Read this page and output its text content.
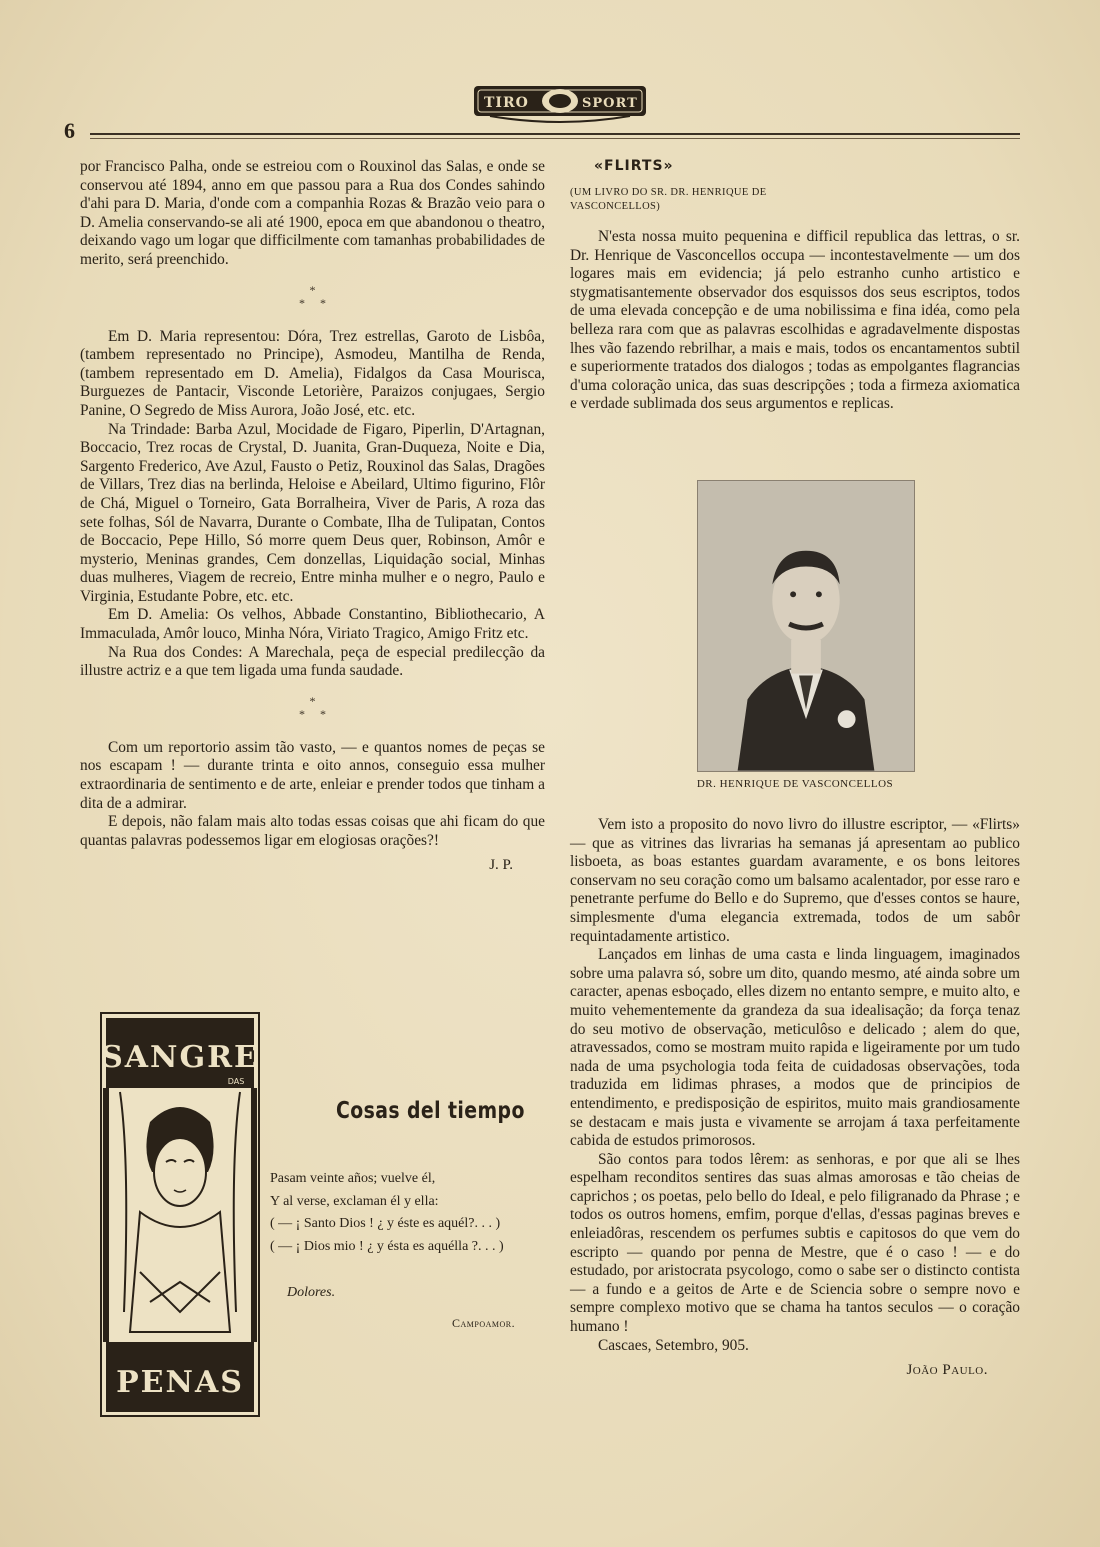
6
TIRO	SPORT

por Francisco Palha, onde se estreiou com o Rouxinol das Salas, e onde se conservou até 1894, anno em que passou para a Rua dos Condes sahindo d'ahi para D. Maria, d'onde com a companhia Rozas & Brazão veio para o D. Amelia conservando-se ali até 1900, epoca em que abandonou o theatro, deixando vago um logar que difficilmente com tamanhas probabilidades de merito, será preenchido.

*
*     *

Em D. Maria representou: Dóra, Trez estrellas, Garoto de Lisbôa, (tambem representado no Principe), Asmodeu, Mantilha de Renda, (tambem representado em D. Amelia), Fidalgos da Casa Mourisca, Burguezes de Pantacir, Visconde Letorière, Paraizos conjugaes, Sergio Panine, O Segredo de Miss Aurora, João José, etc. etc.

Na Trindade: Barba Azul, Mocidade de Figaro, Piperlin, D'Artagnan, Boccacio, Trez rocas de Crystal, D. Juanita, Gran-Duqueza, Noite e Dia, Sargento Frederico, Ave Azul, Fausto o Petiz, Rouxinol das Salas, Dragões de Villars, Trez dias na berlinda, Heloise e Abeilard, Ultimo figurino, Flôr de Chá, Miguel o Torneiro, Gata Borralheira, Viver de Paris, A roza das sete folhas, Sól de Navarra, Durante o Combate, Ilha de Tulipatan, Contos de Boccacio, Pepe Hillo, Só morre quem Deus quer, Robinson, Amôr e mysterio, Meninas grandes, Cem donzellas, Liquidação social, Minhas duas mulheres, Viagem de recreio, Entre minha mulher e o negro, Paulo e Virginia, Estudante Pobre, etc. etc.

Em D. Amelia: Os velhos, Abbade Constantino, Bibliothecario, A Immaculada, Amôr louco, Minha Nóra, Viriato Tragico, Amigo Fritz etc.

Na Rua dos Condes: A Marechala, peça de especial predilecção da illustre actriz e a que tem ligada uma funda saudade.

*
*     *

Com um reportorio assim tão vasto, — e quantos nomes de peças se nos escapam ! — durante trinta e oito annos, conseguio essa mulher extraordinaria de sentimento e de arte, enleiar e prender todos que tinham a dita de a admirar.

E depois, não falam mais alto todas essas coisas que ahi ficam do que quantas palavras podessemos ligar em elogiosas orações?!

J. P.
SANGRE
DAS
PENAS
Cosas del tiempo
Pasam veinte años; vuelve él,
Y al verse, exclaman él y ella:
( — ¡ Santo Dios ! ¿ y éste es aquél?. . . )
( — ¡ Dios mio ! ¿ y ésta es aquélla ?. . . )
Dolores.
Campoamor.
«FLIRTS»
(UM LIVRO DO SR. DR. HENRIQUE DE VASCONCELLOS)

N'esta nossa muito pequenina e difficil republica das lettras, o sr. Dr. Henrique de Vasconcellos occupa — incontestavelmente — um dos logares mais em evidencia; já pelo estranho cunho artistico e stygmatisantemente observador dos esquissos dos seus escriptos, todos de uma elevada concepção e de uma nobilissima e fina idéa, como pela belleza rara com que as palavras escolhidas e agradavelmente dispostas lhes vão fazendo rebrilhar, a mais e mais, todos os encantamentos subtil e superiormente tratados dos dialogos ; todas as empolgantes flagrancias d'uma coloração unica, das suas descripções ; toda a firmeza axiomatica e verdade sublimada dos seus argumentos e replicas.

DR. HENRIQUE DE VASCONCELLOS

Vem isto a proposito do novo livro do illustre escriptor, — «Flirts» — que as vitrines das livrarias ha semanas já apresentam ao publico lisboeta, as boas estantes guardam avaramente, e os bons leitores conservam no seu coração como um balsamo acalentador, por esse raro e penetrante perfume do Bello e do Supremo, que d'esses contos se haure, simplesmente d'uma elegancia extremada, todos de um sabôr requintadamente artistico.

Lançados em linhas de uma casta e linda linguagem, imaginados sobre uma palavra só, sobre um dito, quando mesmo, até ainda sobre um caracter, apenas esboçado, elles dizem no entanto sempre, e muito alto, e muito vehementemente da grandeza da sua idealisação; da força tenaz do seu motivo de observação, meticulôso e delicado ; alem do que, atravessados, como se mostram muito rapida e ligeiramente por um tudo nada de uma psychologia toda feita de cuidadosas observações, toda traduzida em lidimas phrases, a modos que de principios de entendimento, e predisposição de espiritos, muito mais grandiosamente se destacam e mais justa e vivamente se arrojam á taxa perfeitamente cabida de estudos primorosos.

São contos para todos lêrem: as senhoras, e por que ali se lhes espelham reconditos sentires das suas almas amorosas e tão cheias de caprichos ; os poetas, pelo bello do Ideal, e pelo filigranado da Phrase ; e todos os outros homens, emfim, porque d'ellas, d'essas paginas breves e enleiadôras, rescendem os perfumes subtis e capitosos do que vem do escripto — quando por penna de Mestre, que é o caso ! — e do estudado, por aristocrata psycologo, como o sabe ser o distincto contista — a fundo e a geitos de Arte e de Sciencia sobre o sempre novo e sempre complexo motivo que se chama ha tantos seculos — o coração humano !

Cascaes, Setembro, 905.

João Paulo.
